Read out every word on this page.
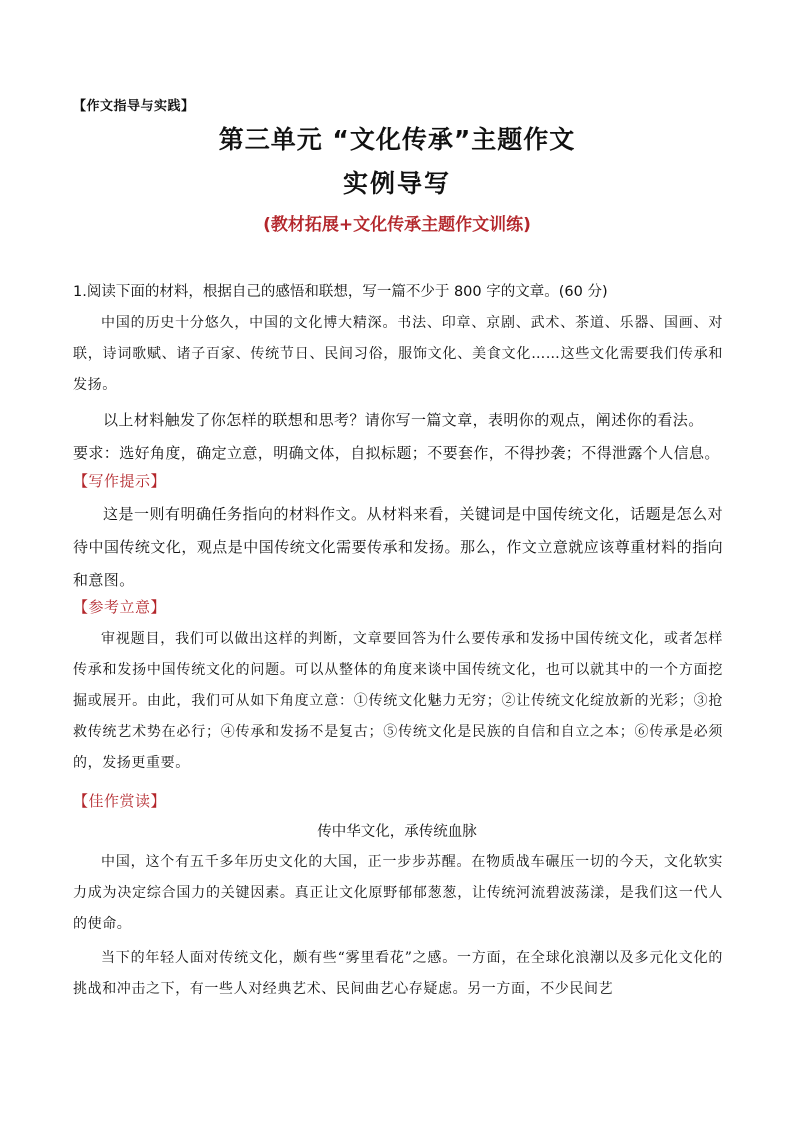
【作文指导与实践】
第三单元 “文化传承”主题作文
实例导写
(教材拓展+文化传承主题作文训练)
1.阅读下面的材料，根据自己的感悟和联想，写一篇不少于 800 字的文章。(60 分)
中国的历史十分悠久，中国的文化博大精深。书法、印章、京剧、武术、茶道、乐器、国画、对联，诗词歌赋、诸子百家、传统节日、民间习俗，服饰文化、美食文化……这些文化需要我们传承和发扬。
以上材料触发了你怎样的联想和思考？请你写一篇文章，表明你的观点，阐述你的看法。
要求：选好角度，确定立意，明确文体，自拟标题；不要套作，不得抄袭；不得泄露个人信息。
【写作提示】
这是一则有明确任务指向的材料作文。从材料来看，关键词是中国传统文化，话题是怎么对待中国传统文化，观点是中国传统文化需要传承和发扬。那么，作文立意就应该尊重材料的指向和意图。
【参考立意】
审视题目，我们可以做出这样的判断，文章要回答为什么要传承和发扬中国传统文化，或者怎样传承和发扬中国传统文化的问题。可以从整体的角度来谈中国传统文化，也可以就其中的一个方面挖掘或展开。由此，我们可从如下角度立意：①传统文化魅力无穷；②让传统文化绽放新的光彩；③抢救传统艺术势在必行；④传承和发扬不是复古；⑤传统文化是民族的自信和自立之本；⑥传承是必须的，发扬更重要。
【佳作赏读】
传中华文化，承传统血脉
中国，这个有五千多年历史文化的大国，正一步步苏醒。在物质战车碾压一切的今天，文化软实力成为决定综合国力的关键因素。真正让文化原野郁郁葱葱，让传统河流碧波荡漾，是我们这一代人的使命。
当下的年轻人面对传统文化，颇有些“雾里看花”之感。一方面，在全球化浪潮以及多元化文化的挑战和冲击之下，有一些人对经典艺术、民间曲艺心存疑虑。另一方面，不少民间艺
